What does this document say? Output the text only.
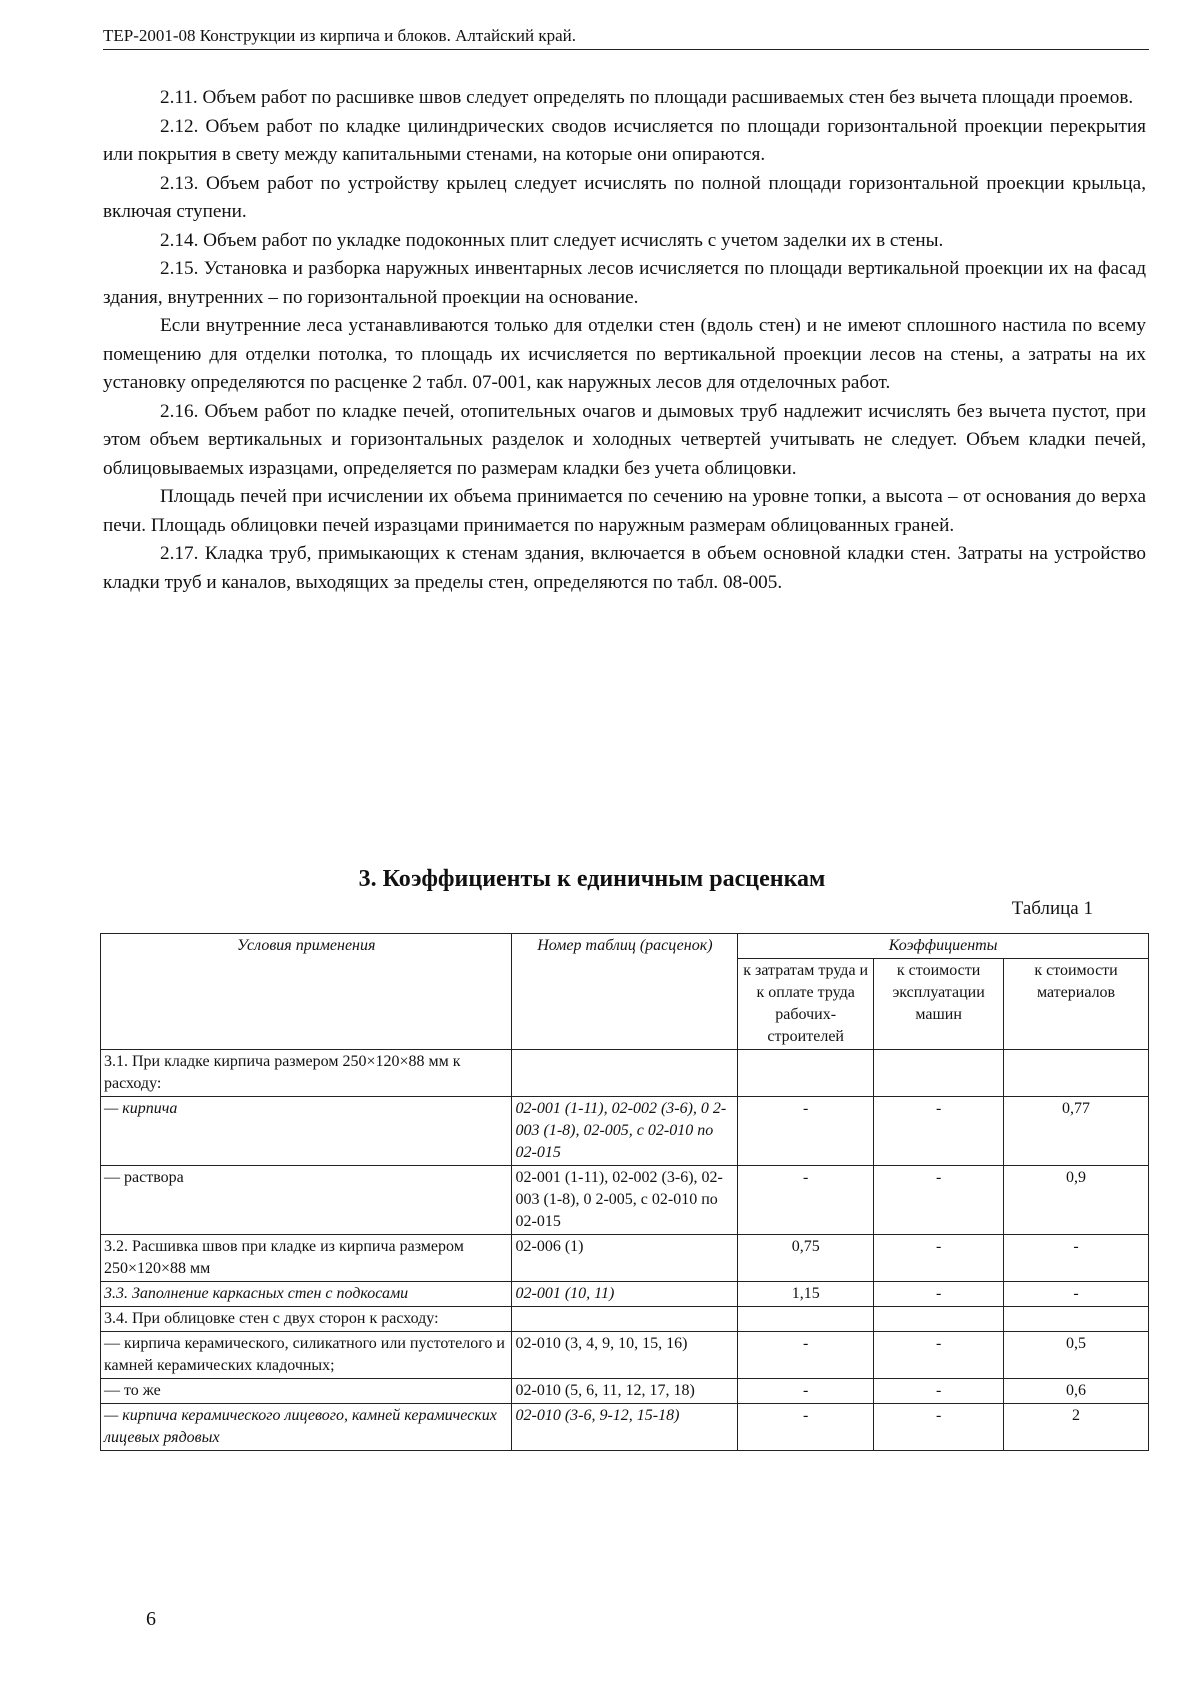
ТЕР-2001-08 Конструкции из кирпича и блоков. Алтайский край.

2.11. Объем работ по расшивке швов следует определять по площади расшиваемых стен без вычета площади проемов.

2.12. Объем работ по кладке цилиндрических сводов исчисляется по площади горизонтальной проекции перекрытия или покрытия в свету между капитальными стенами, на которые они опираются.

2.13. Объем работ по устройству крылец следует исчислять по полной площади горизонтальной проекции крыльца, включая ступени.

2.14. Объем работ по укладке подоконных плит следует исчислять с учетом заделки их в стены.

2.15. Установка и разборка наружных инвентарных лесов исчисляется по площади вертикальной проекции их на фасад здания, внутренних – по горизонтальной проекции на основание.

Если внутренние леса устанавливаются только для отделки стен (вдоль стен) и не имеют сплошного настила по всему помещению для отделки потолка, то площадь их исчисляется по вертикальной проекции лесов на стены, а затраты на их установку определяются по расценке 2 табл. 07-001, как наружных лесов для отделочных работ.

2.16. Объем работ по кладке печей, отопительных очагов и дымовых труб надлежит исчислять без вычета пустот, при этом объем вертикальных и горизонтальных разделок и холодных четвертей учитывать не следует. Объем кладки печей, облицовываемых изразцами, определяется по размерам кладки без учета облицовки.

Площадь печей при исчислении их объема принимается по сечению на уровне топки, а высота – от основания до верха печи. Площадь облицовки печей изразцами принимается по наружным размерам облицованных граней.

2.17. Кладка труб, примыкающих к стенам здания, включается в объем основной кладки стен. Затраты на устройство кладки труб и каналов, выходящих за пределы стен, определяются по табл. 08-005.

3. Коэффициенты к единичным расценкам
Таблица 1
Условия применения	Номер таблиц (расценок)	Коэффициенты		
		к затратам труда и к оплате труда рабочих-строителей	к стоимости эксплуатации машин	к стоимости материалов
3.1. При кладке кирпича размером 250×120×88 мм к расходу:				
— кирпича	02-001 (1-11), 02-002 (3-6), 0 2-003 (1-8), 02-005, с 02-010 по 02-015	-	-	0,77
— раствора	02-001 (1-11), 02-002 (3-6), 02-003 (1-8), 0 2-005, с 02-010 по 02-015	-	-	0,9
3.2. Расшивка швов при кладке из кирпича размером 250×120×88 мм	02-006 (1)	0,75	-	-
3.3. Заполнение каркасных стен с подкосами	02-001 (10, 11)	1,15	-	-
3.4. При облицовке стен с двух сторон к расходу:				
— кирпича керамического, силикатного или пустотелого и камней керамических кладочных;	02-010 (3, 4, 9, 10, 15, 16)	-	-	0,5
— то же	02-010 (5, 6, 11, 12, 17, 18)	-	-	0,6
— кирпича керамического лицевого, камней керамических лицевых рядовых	02-010 (3-6, 9-12, 15-18)	-	-	2
6
